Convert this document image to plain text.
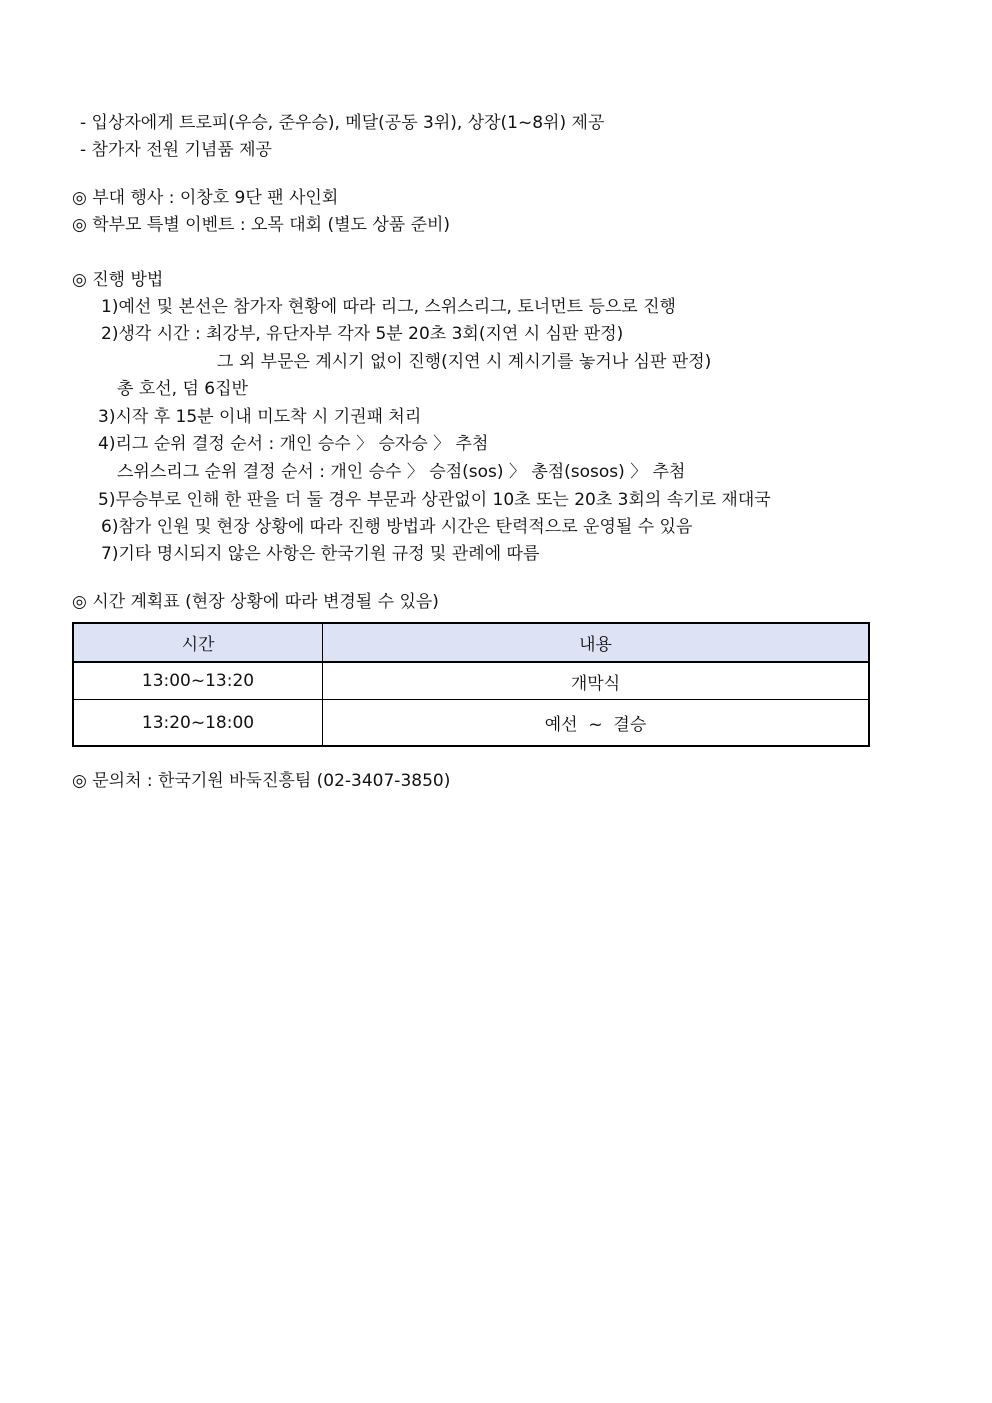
- 입상자에게 트로피(우승, 준우승), 메달(공동 3위), 상장(1~8위) 제공
- 참가자 전원 기념품 제공
◎ 부대 행사 : 이창호 9단 팬 사인회
◎ 학부모 특별 이벤트 : 오목 대회 (별도 상품 준비)
◎ 진행 방법
1)예선 및 본선은 참가자 현황에 따라 리그, 스위스리그, 토너먼트 등으로 진행
2)생각 시간 : 최강부, 유단자부 각자 5분 20초 3회(지연 시 심판 판정)
그 외 부문은 계시기 없이 진행(지연 시 계시기를 놓거나 심판 판정)
총 호선, 덤 6집반
3)시작 후 15분 이내 미도착 시 기권패 처리
4)리그 순위 결정 순서 : 개인 승수 〉 승자승 〉 추첨
스위스리그 순위 결정 순서 : 개인 승수 〉 승점(sos) 〉 총점(sosos) 〉 추첨
5)무승부로 인해 한 판을 더 둘 경우 부문과 상관없이 10초 또는 20초 3회의 속기로 재대국
6)참가 인원 및 현장 상황에 따라 진행 방법과 시간은 탄력적으로 운영될 수 있음
7)기타 명시되지 않은 사항은 한국기원 규정 및 관례에 따름
◎ 시간 계획표 (현장 상황에 따라 변경될 수 있음)
시간	내용
13:00~13:20	개막식
13:20~18:00	예선  ~  결승
◎ 문의처 : 한국기원 바둑진흥팀 (02-3407-3850)
